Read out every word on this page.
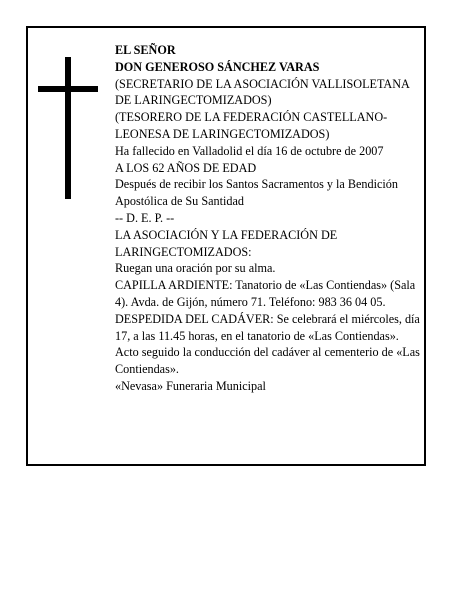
EL SEÑOR
DON GENEROSO SÁNCHEZ VARAS
(SECRETARIO DE LA ASOCIACIÓN VALLISOLETANA DE LARINGECTOMIZADOS)
(TESORERO DE LA FEDERACIÓN CASTELLANO-LEONESA DE LARINGECTOMIZADOS)
Ha fallecido en Valladolid el día 16 de octubre de 2007
A LOS 62 AÑOS DE EDAD
Después de recibir los Santos Sacramentos y la Bendición Apostólica de Su Santidad
-- D. E. P. --
LA ASOCIACIÓN Y LA FEDERACIÓN DE LARINGECTOMIZADOS:
Ruegan una oración por su alma.
CAPILLA ARDIENTE: Tanatorio de «Las Contiendas» (Sala 4). Avda. de Gijón, número 71. Teléfono: 983 36 04 05.
DESPEDIDA DEL CADÁVER: Se celebrará el miércoles, día 17, a las 11.45 horas, en el tanatorio de «Las Contiendas». Acto seguido la conducción del cadáver al cementerio de «Las Contiendas».
«Nevasa» Funeraria Municipal
